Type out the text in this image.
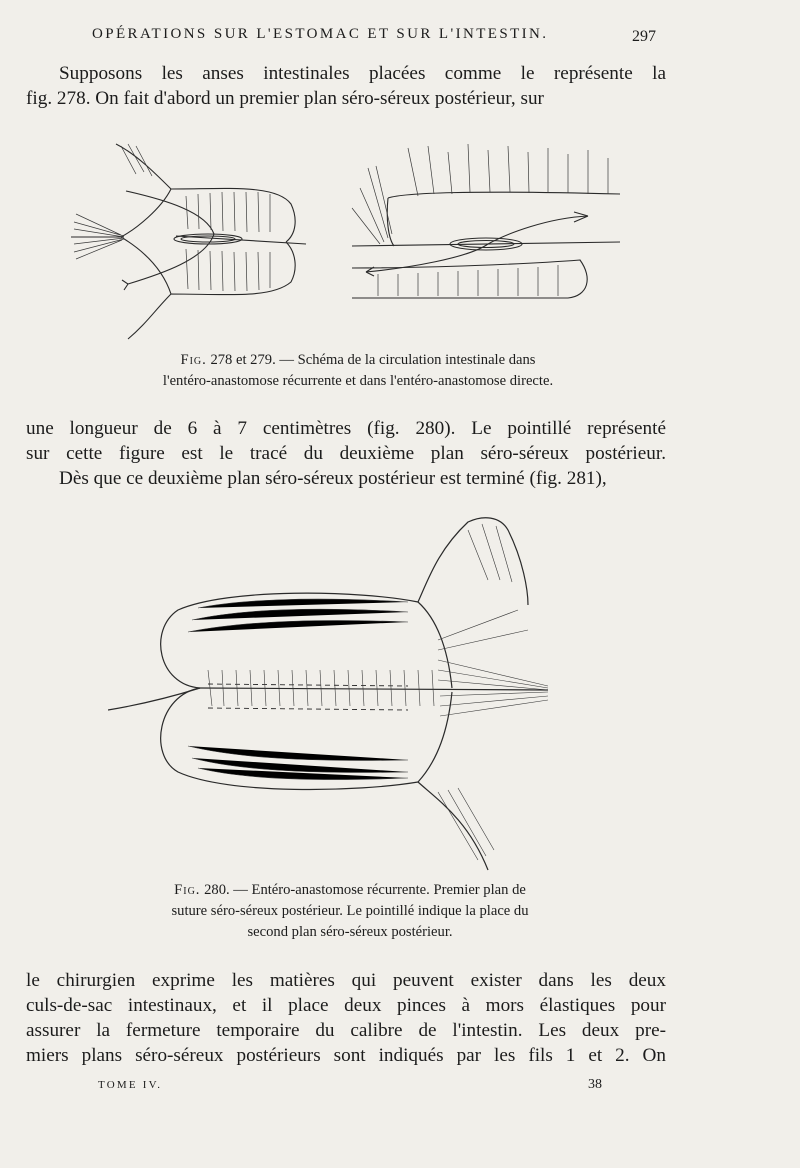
OPÉRATIONS SUR L'ESTOMAC ET SUR L'INTESTIN.	297
Supposons les anses intestinales placées comme le représente la
fig. 278. On fait d'abord un premier plan séro-séreux postérieur, sur
Fig. 278 et 279. — Schéma de la circulation intestinale dans
l'entéro-anastomose récurrente et dans l'entéro-anastomose directe.
une longueur de 6 à 7 centimètres (fig. 280). Le pointillé représenté
sur cette figure est le tracé du deuxième plan séro-séreux postérieur.
Dès que ce deuxième plan séro-séreux postérieur est terminé (fig. 281),
Fig. 280. — Entéro-anastomose récurrente. Premier plan de
suture séro-séreux postérieur. Le pointillé indique la place du
second plan séro-séreux postérieur.
le chirurgien exprime les matières qui peuvent exister dans les deux
culs-de-sac intestinaux, et il place deux pinces à mors élastiques pour
assurer la fermeture temporaire du calibre de l'intestin. Les deux pre-
miers plans séro-séreux postérieurs sont indiqués par les fils 1 et 2. On
TOME IV.	38
